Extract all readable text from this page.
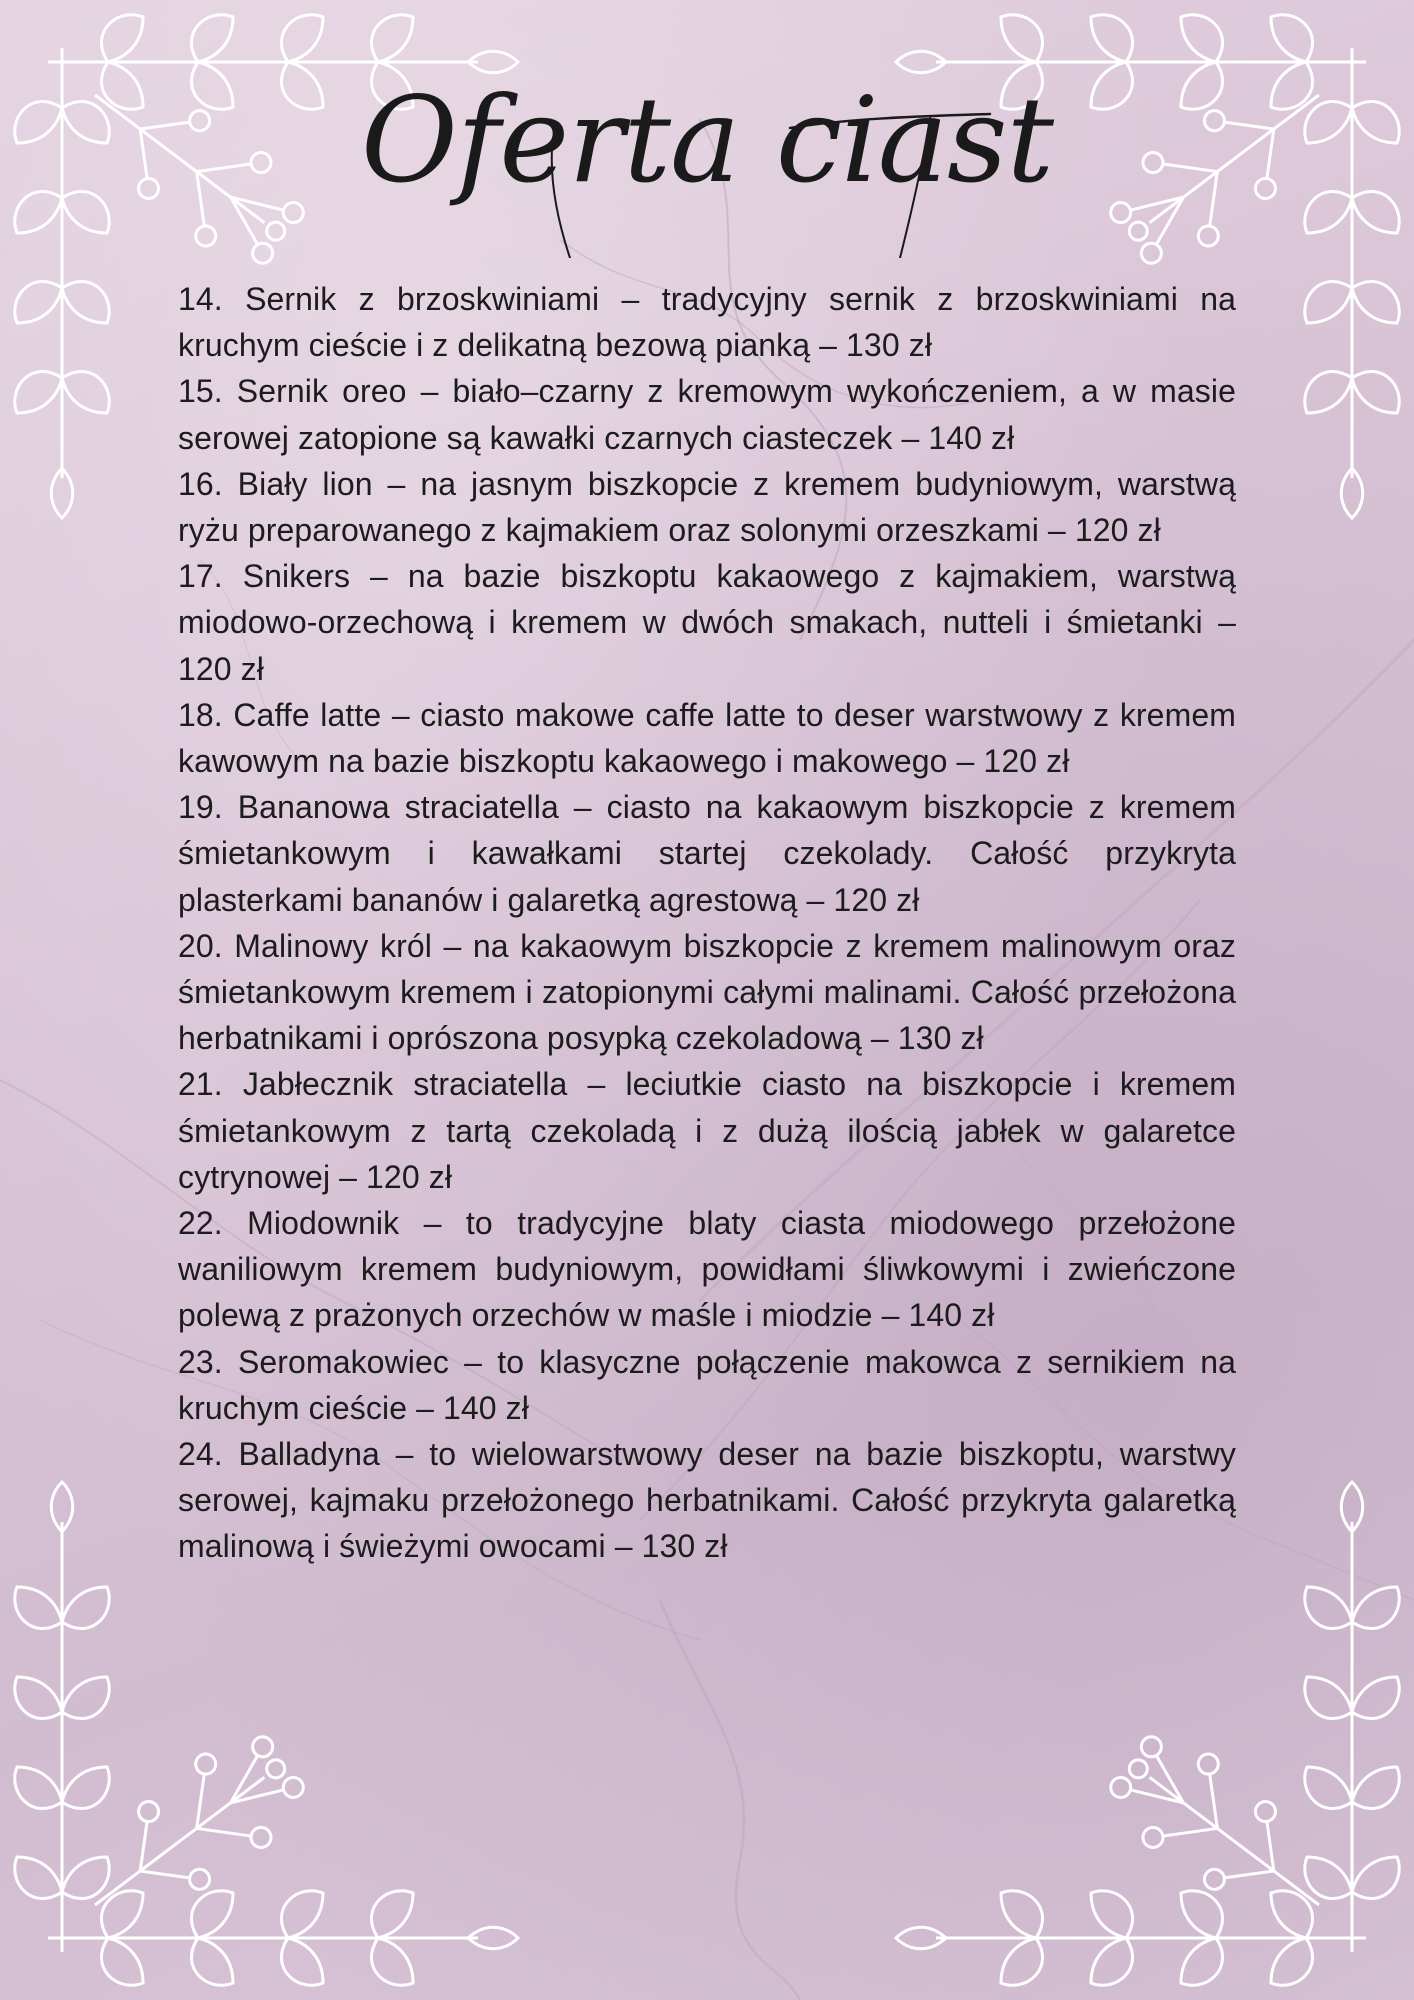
Oferta ciast
14. Sernik z brzoskwiniami – tradycyjny sernik z brzoskwiniami na kruchym cieście i z delikatną bezową pianką – 130 zł
15. Sernik oreo – biało–czarny z kremowym wykończeniem, a w masie serowej zatopione są kawałki czarnych ciasteczek – 140 zł
16. Biały lion – na jasnym biszkopcie z kremem budyniowym, warstwą ryżu preparowanego z kajmakiem oraz solonymi orzeszkami – 120 zł
17. Snikers – na bazie biszkoptu kakaowego z kajmakiem, warstwą miodowo-orzechową i kremem w dwóch smakach, nutteli i śmietanki – 120 zł
18. Caffe latte – ciasto makowe caffe latte to deser warstwowy z kremem kawowym na bazie biszkoptu kakaowego i makowego – 120 zł
19. Bananowa straciatella – ciasto na kakaowym biszkopcie z kremem śmietankowym i kawałkami startej czekolady. Całość przykryta plasterkami bananów i galaretką agrestową – 120 zł
20. Malinowy król – na kakaowym biszkopcie z kremem malinowym oraz śmietankowym kremem i zatopionymi całymi malinami. Całość przełożona herbatnikami i oprószona posypką czekoladową – 130 zł
21. Jabłecznik straciatella – leciutkie ciasto na biszkopcie i kremem śmietankowym z tartą czekoladą i z dużą ilością jabłek w galaretce cytrynowej – 120 zł
22. Miodownik – to tradycyjne blaty ciasta miodowego przełożone waniliowym kremem budyniowym, powidłami śliwkowymi i zwieńczone polewą z prażonych orzechów w maśle i miodzie – 140 zł
23. Seromakowiec – to klasyczne połączenie makowca z sernikiem na kruchym cieście – 140 zł
24. Balladyna – to wielowarstwowy deser na bazie biszkoptu, warstwy serowej, kajmaku przełożonego herbatnikami. Całość przykryta galaretką malinową i świeżymi owocami – 130 zł
